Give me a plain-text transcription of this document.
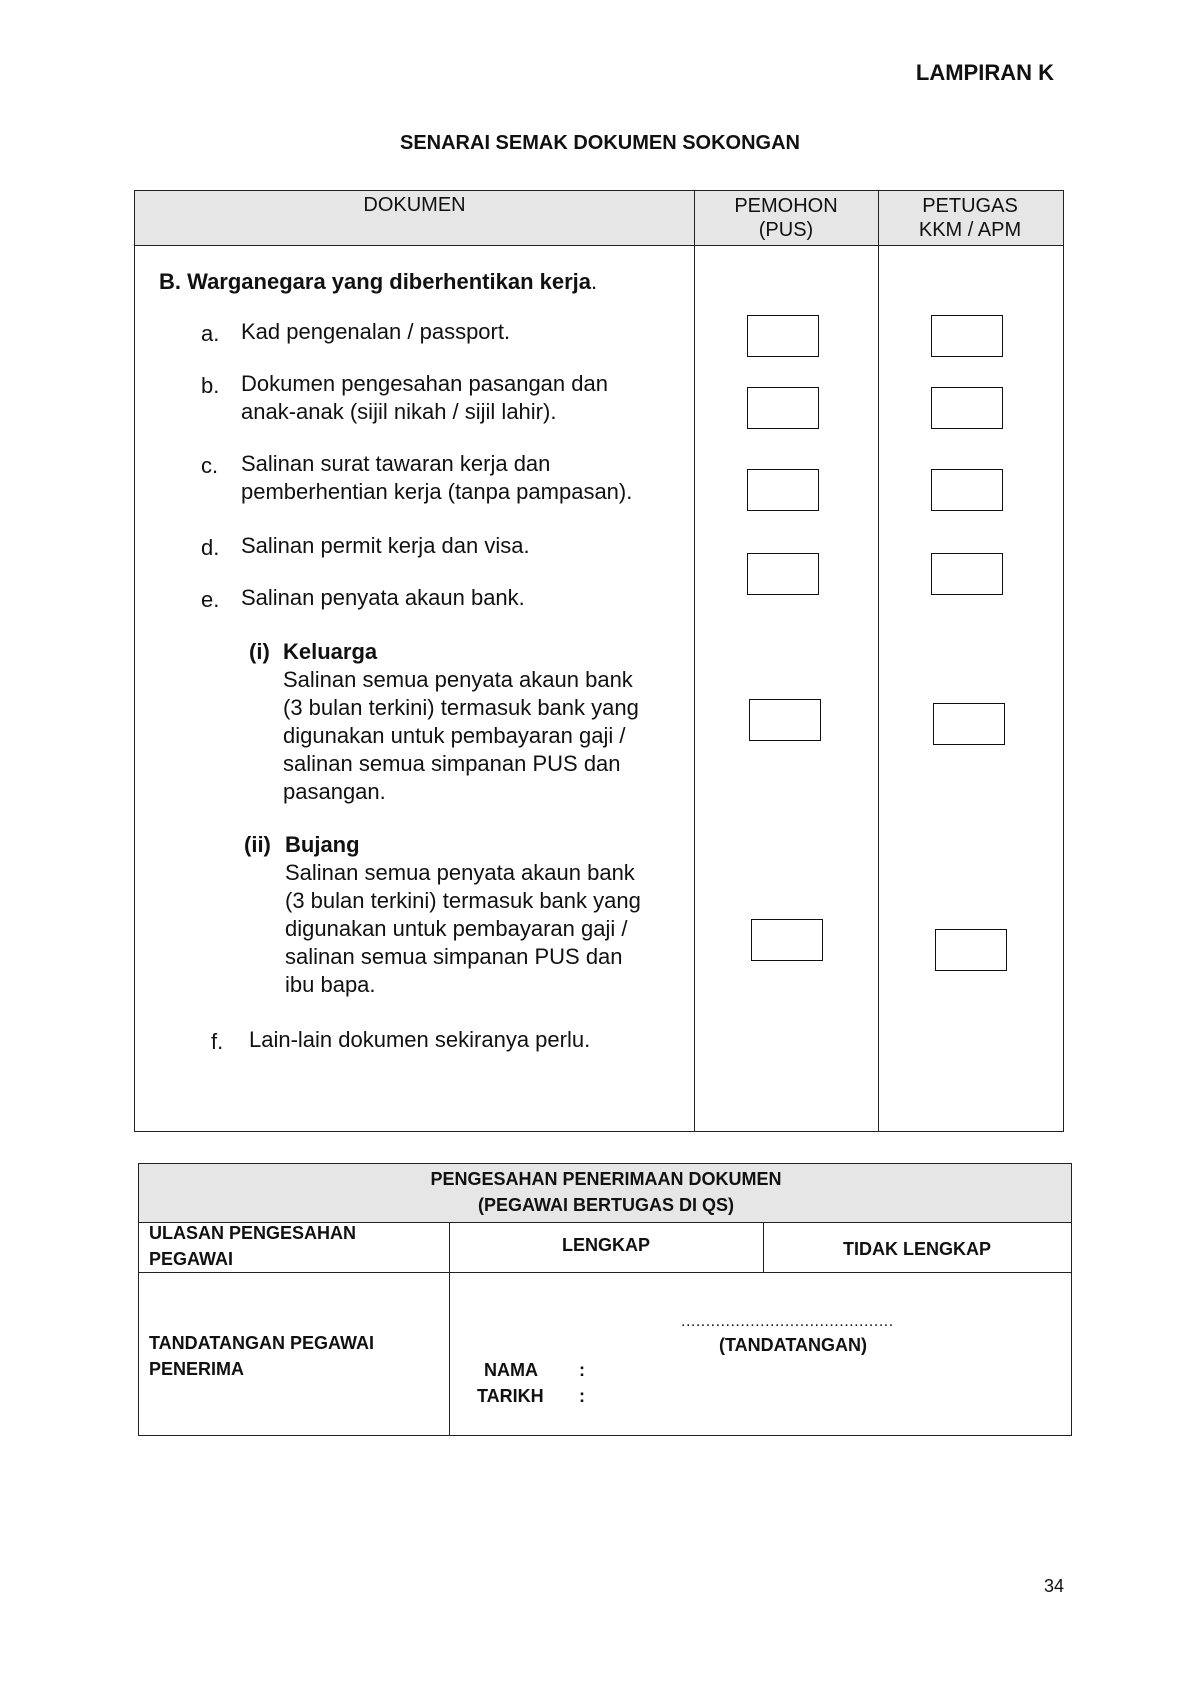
LAMPIRAN K
SENARAI SEMAK DOKUMEN SOKONGAN
DOKUMEN	PEMOHON
(PUS)
PETUGAS
KKM / APM
B. Warganegara yang diberhentikan kerja.
a. Kad pengenalan / passport.
b. Dokumen pengesahan pasangan dan
anak-anak (sijil nikah / sijil lahir).
c. Salinan surat tawaran kerja dan
pemberhentian kerja (tanpa pampasan).
d. Salinan permit kerja dan visa.
e. Salinan penyata akaun bank.
(i) Keluarga
Salinan semua penyata akaun bank
(3 bulan terkini) termasuk bank yang
digunakan untuk pembayaran gaji /
salinan semua simpanan PUS dan
pasangan.
(ii) Bujang
Salinan semua penyata akaun bank
(3 bulan terkini) termasuk bank yang
digunakan untuk pembayaran gaji /
salinan semua simpanan PUS dan
ibu bapa.
f. Lain-lain dokumen sekiranya perlu.
PENGESAHAN PENERIMAAN DOKUMEN
(PEGAWAI BERTUGAS DI QS)
ULASAN PENGESAHAN
PEGAWAI
LENGKAP	TIDAK LENGKAP
TANDATANGAN PEGAWAI
PENERIMA
...........................................
(TANDATANGAN)
NAMA :
TARIKH :
34
